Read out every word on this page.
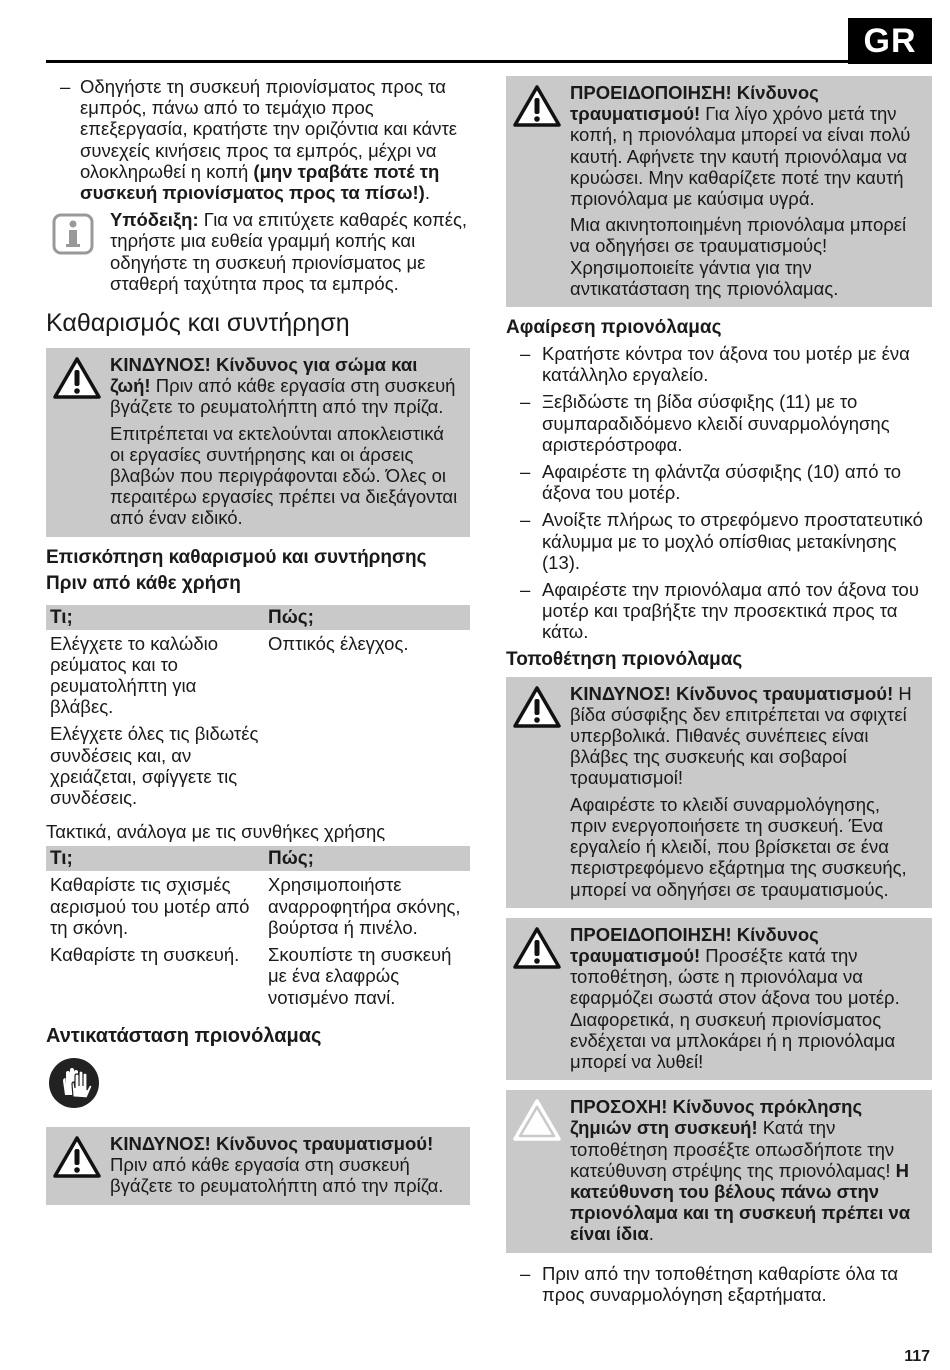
GR
– Οδηγήστε τη συσκευή πριονίσματος προς τα εμπρός, πάνω από το τεμάχιο προς επεξεργασία, κρατήστε την οριζόντια και κάντε συνεχείς κινήσεις προς τα εμπρός, μέχρι να ολοκληρωθεί η κοπή (μην τραβάτε ποτέ τη συσκευή πριονίσματος προς τα πίσω!).
Υπόδειξη: Για να επιτύχετε καθαρές κοπές, τηρήστε μια ευθεία γραμμή κοπής και οδηγήστε τη συσκευή πριονίσματος με σταθερή ταχύτητα προς τα εμπρός.
Καθαρισμός και συντήρηση

ΚΙΝΔΥΝΟΣ! Κίνδυνος για σώμα και ζωή! Πριν από κάθε εργασία στη συσκευή βγάζετε το ρευματολήπτη από την πρίζα.

Επιτρέπεται να εκτελούνται αποκλειστικά οι εργασίες συντήρησης και οι άρσεις βλαβών που περιγράφονται εδώ. Όλες οι περαιτέρω εργασίες πρέπει να διεξάγονται από έναν ειδικό.

Επισκόπηση καθαρισμού και συντήρησης
Πριν από κάθε χρήση
Τι;	Πώς;
Ελέγχετε το καλώδιο ρεύματος και το ρευματολήπτη για βλάβες.	Οπτικός έλεγχος.
Ελέγχετε όλες τις βιδωτές συνδέσεις και, αν χρειάζεται, σφίγγετε τις συνδέσεις.	
Τακτικά, ανάλογα με τις συνθήκες χρήσης
Τι;	Πώς;
Καθαρίστε τις σχισμές αερισμού του μοτέρ από τη σκόνη.	Χρησιμοποιήστε αναρροφητήρα σκόνης, βούρτσα ή πινέλο.
Καθαρίστε τη συσκευή.	Σκουπίστε τη συσκευή με ένα ελαφρώς νοτισμένο πανί.
Αντικατάσταση πριονόλαμας

ΚΙΝΔΥΝΟΣ! Κίνδυνος τραυματισμού! Πριν από κάθε εργασία στη συσκευή βγάζετε το ρευματολήπτη από την πρίζα.

ΠΡΟΕΙΔΟΠΟΙΗΣΗ! Κίνδυνος τραυματισμού! Για λίγο χρόνο μετά την κοπή, η πριονόλαμα μπορεί να είναι πολύ καυτή. Αφήνετε την καυτή πριονόλαμα να κρυώσει. Μην καθαρίζετε ποτέ την καυτή πριονόλαμα με καύσιμα υγρά.

Μια ακινητοποιημένη πριονόλαμα μπορεί να οδηγήσει σε τραυματισμούς! Χρησιμοποιείτε γάντια για την αντικατάσταση της πριονόλαμας.

Αφαίρεση πριονόλαμας
– Κρατήστε κόντρα τον άξονα του μοτέρ με ένα κατάλληλο εργαλείο.
– Ξεβιδώστε τη βίδα σύσφιξης (11) με το συμπαραδιδόμενο κλειδί συναρμολόγησης αριστερόστροφα.
– Αφαιρέστε τη φλάντζα σύσφιξης (10) από το άξονα του μοτέρ.
– Ανοίξτε πλήρως το στρεφόμενο προστατευτικό κάλυμμα με το μοχλό οπίσθιας μετακίνησης (13).
– Αφαιρέστε την πριονόλαμα από τον άξονα του μοτέρ και τραβήξτε την προσεκτικά προς τα κάτω.
Τοποθέτηση πριονόλαμας

ΚΙΝΔΥΝΟΣ! Κίνδυνος τραυματισμού! Η βίδα σύσφιξης δεν επιτρέπεται να σφιχτεί υπερβολικά. Πιθανές συνέπειες είναι βλάβες της συσκευής και σοβαροί τραυματισμοί!

Αφαιρέστε το κλειδί συναρμολόγησης, πριν ενεργοποιήσετε τη συσκευή. Ένα εργαλείο ή κλειδί, που βρίσκεται σε ένα περιστρεφόμενο εξάρτημα της συσκευής, μπορεί να οδηγήσει σε τραυματισμούς.

ΠΡΟΕΙΔΟΠΟΙΗΣΗ! Κίνδυνος τραυματισμού! Προσέξτε κατά την τοποθέτηση, ώστε η πριονόλαμα να εφαρμόζει σωστά στον άξονα του μοτέρ. Διαφορετικά, η συσκευή πριονίσματος ενδέχεται να μπλοκάρει ή η πριονόλαμα μπορεί να λυθεί!

ΠΡΟΣΟΧΗ! Κίνδυνος πρόκλησης ζημιών στη συσκευή! Κατά την τοποθέτηση προσέξτε οπωσδήποτε την κατεύθυνση στρέψης της πριονόλαμας! Η κατεύθυνση του βέλους πάνω στην πριονόλαμα και τη συσκευή πρέπει να είναι ίδια.

– Πριν από την τοποθέτηση καθαρίστε όλα τα προς συναρμολόγηση εξαρτήματα.
117
